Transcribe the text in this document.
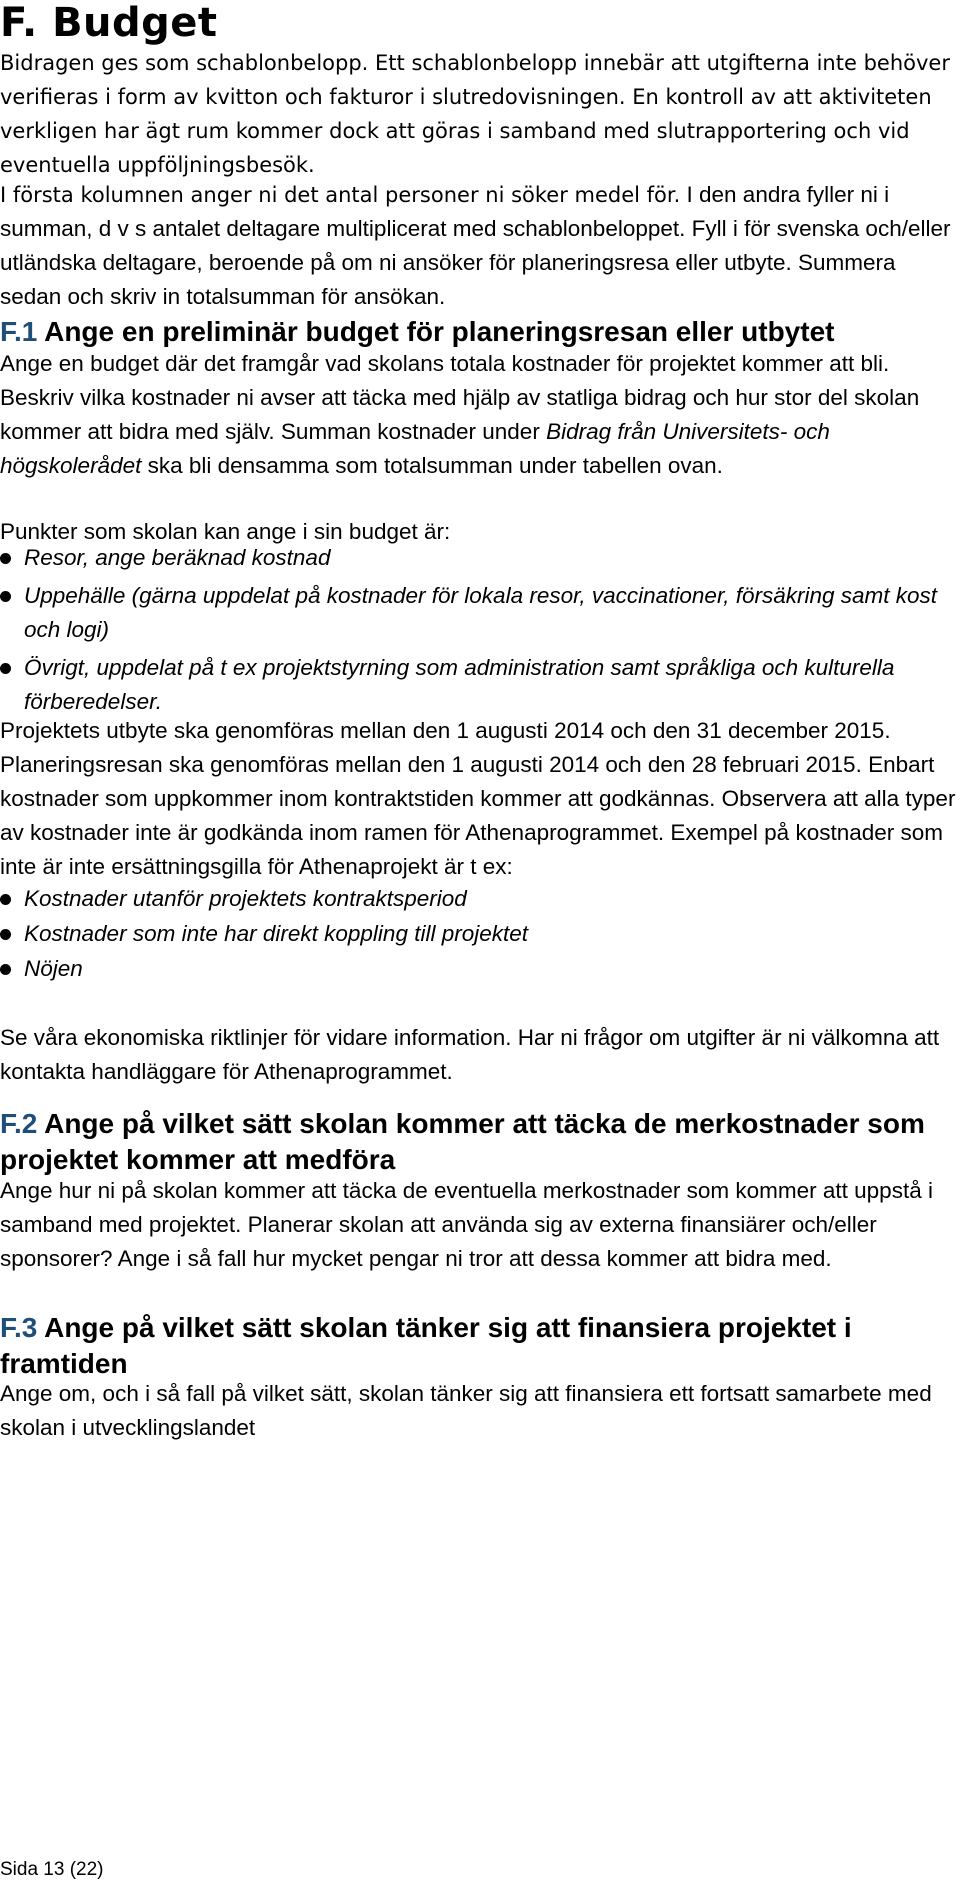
F. Budget

Bidragen ges som schablonbelopp. Ett schablonbelopp innebär att utgifterna inte behöver verifieras i form av kvitton och fakturor i slutredovisningen. En kontroll av att aktiviteten verkligen har ägt rum kommer dock att göras i samband med slutrapportering och vid eventuella uppföljningsbesök.

I första kolumnen anger ni det antal personer ni söker medel för. I den andra fyller ni i summan, d v s antalet deltagare multiplicerat med schablonbeloppet. Fyll i för svenska och/eller utländska deltagare, beroende på om ni ansöker för planeringsresa eller utbyte. Summera sedan och skriv in totalsumman för ansökan.

F.1 Ange en preliminär budget för planeringsresan eller utbytet

Ange en budget där det framgår vad skolans totala kostnader för projektet kommer att bli. Beskriv vilka kostnader ni avser att täcka med hjälp av statliga bidrag och hur stor del skolan kommer att bidra med själv. Summan kostnader under Bidrag från Universitets- och högskolerådet ska bli densamma som totalsumman under tabellen ovan.

Punkter som skolan kan ange i sin budget är:

Resor, ange beräknad kostnad
Uppehälle (gärna uppdelat på kostnader för lokala resor, vaccinationer, försäkring samt kost och logi)
Övrigt, uppdelat på t ex projektstyrning som administration samt språkliga och kulturella förberedelser.

Projektets utbyte ska genomföras mellan den 1 augusti 2014 och den 31 december 2015. Planeringsresan ska genomföras mellan den 1 augusti 2014 och den 28 februari 2015. Enbart kostnader som uppkommer inom kontraktstiden kommer att godkännas. Observera att alla typer av kostnader inte är godkända inom ramen för Athenaprogrammet. Exempel på kostnader som inte är inte ersättningsgilla för Athenaprojekt är t ex:

Kostnader utanför projektets kontraktsperiod
Kostnader som inte har direkt koppling till projektet
Nöjen

Se våra ekonomiska riktlinjer för vidare information. Har ni frågor om utgifter är ni välkomna att kontakta handläggare för Athenaprogrammet.

F.2 Ange på vilket sätt skolan kommer att täcka de merkostnader som projektet kommer att medföra

Ange hur ni på skolan kommer att täcka de eventuella merkostnader som kommer att uppstå i samband med projektet. Planerar skolan att använda sig av externa finansiärer och/eller sponsorer? Ange i så fall hur mycket pengar ni tror att dessa kommer att bidra med.

F.3 Ange på vilket sätt skolan tänker sig att finansiera projektet i framtiden

Ange om, och i så fall på vilket sätt, skolan tänker sig att finansiera ett fortsatt samarbete med skolan i utvecklingslandet

Sida 13 (22)
